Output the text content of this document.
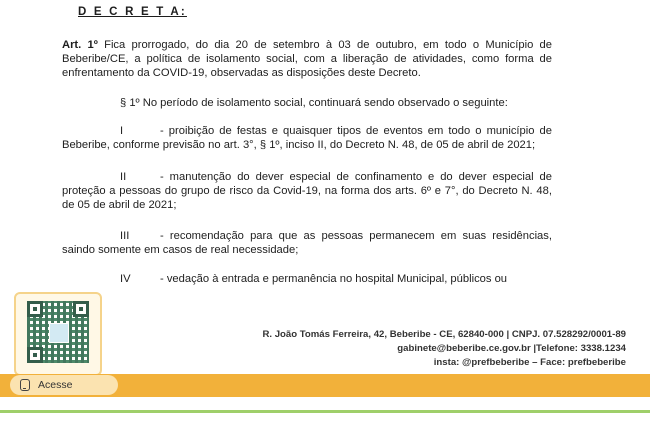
D E C R E T A:
Art. 1º Fica prorrogado, do dia 20 de setembro à 03 de outubro, em todo o Município de Beberibe/CE, a política de isolamento social, com a liberação de atividades, como forma de enfrentamento da COVID-19, observadas as disposições deste Decreto.
§ 1º No período de isolamento social, continuará sendo observado o seguinte:
I	- proibição de festas e quaisquer tipos de eventos em todo o município de Beberibe, conforme previsão no art. 3°, § 1º, inciso II, do Decreto N. 48, de 05 de abril de 2021;
II	- manutenção do dever especial de confinamento e do dever especial de proteção a pessoas do grupo de risco da Covid-19, na forma dos arts. 6º e 7°, do Decreto N. 48, de 05 de abril de 2021;
III	- recomendação para que as pessoas permanecem em suas residências, saindo somente em casos de real necessidade;
IV	- vedação à entrada e permanência no hospital Municipal, públicos ou
R. João Tomás Ferreira, 42, Beberibe - CE, 62840-000 | CNPJ. 07.528292/0001-89
gabinete@beberibe.ce.gov.br |Telefone: 3338.1234
insta: @prefbeberibe – Face: prefbeberibe
Acesse
